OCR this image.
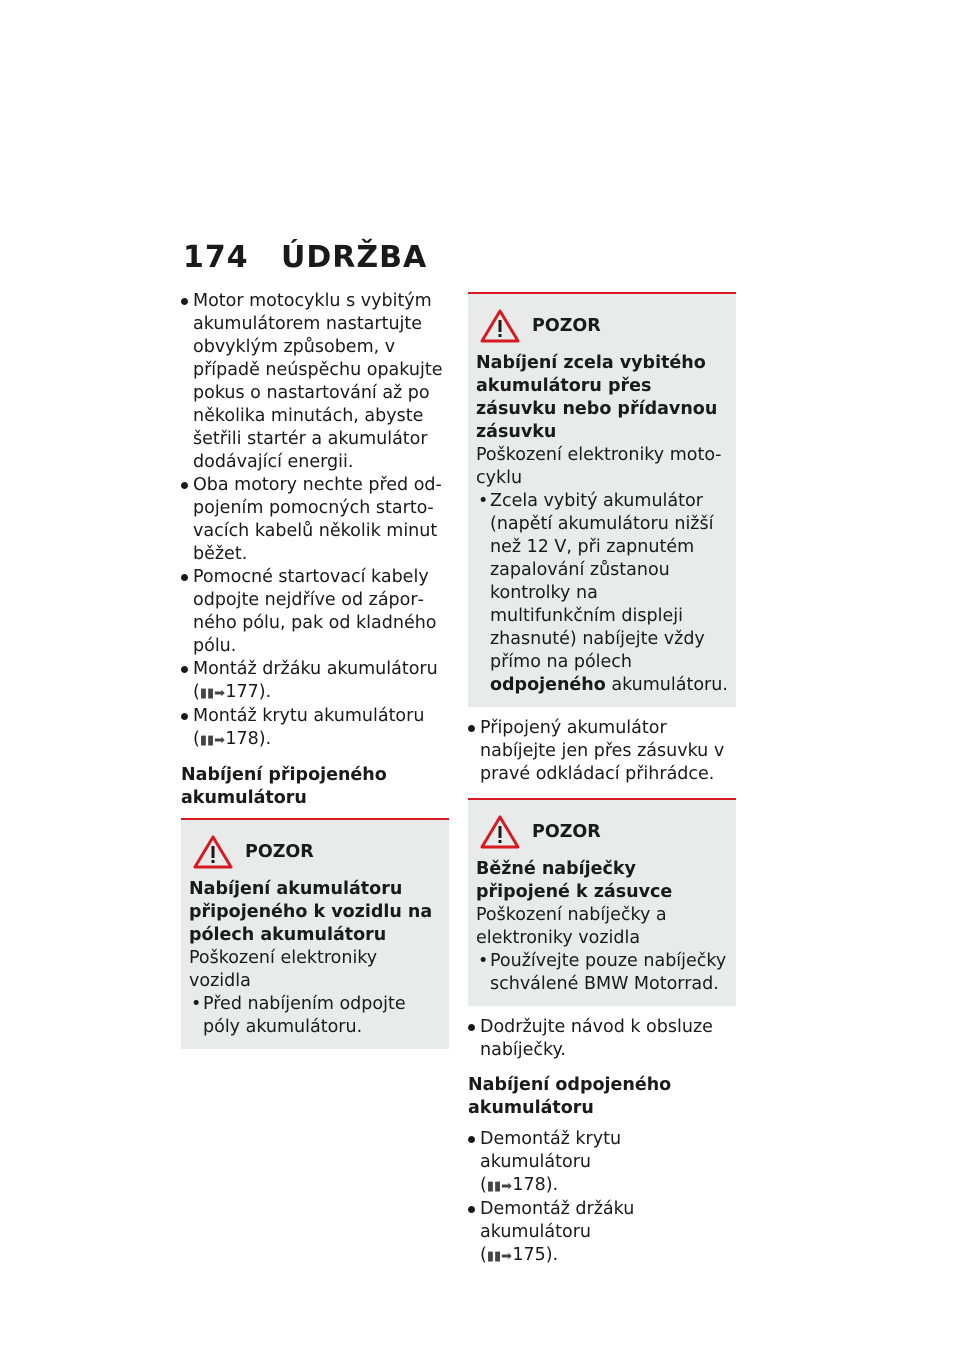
174	ÚDRŽBA

Motor motocyklu s vybitým akumulátorem nastartujte obvyklým způsobem, v případě neúspěchu opakujte pokus o nastartování až po několika minutách, abyste šetřili startér a akumulátor dodávající energii.

Oba motory nechte před odpojením pomocných startovacích kabelů několik minut běžet.

Pomocné startovací kabely odpojte nejdříve od záporného pólu, pak od kladného pólu.

Montáž držáku akumulátoru

(▮▮➡ 177).

Montáž krytu akumulátoru

(▮▮➡ 178).
Nabíjení připojeného akumulátoru
POZOR
Nabíjení akumulátoru připojeného k vozidlu na pólech akumulátoru

Poškození elektroniky vozidla

• Před nabíjením odpojte póly akumulátoru.
POZOR
Nabíjení zcela vybitého akumulátoru přes zásuvku nebo přídavnou zásuvku

Poškození elektroniky motocyklu

• Zcela vybitý akumulátor (napětí akumulátoru nižší než 12 V, při zapnutém zapalování zůstanou kontrolky na multifunkčním displeji zhasnuté) nabíjejte vždy přímo na pólech odpojeného akumulátoru.

Připojený akumulátor nabíjejte jen přes zásuvku v pravé odkládací přihrádce.

POZOR
Běžné nabíječky připojené k zásuvce

Poškození nabíječky a elektroniky vozidla

• Používejte pouze nabíječky schválené BMW Motorrad.

Dodržujte návod k obsluze nabíječky.

Nabíjení odpojeného akumulátoru

Demontáž krytu akumulátoru

(▮▮➡ 178).

Demontáž držáku akumulátoru

(▮▮➡ 175).
